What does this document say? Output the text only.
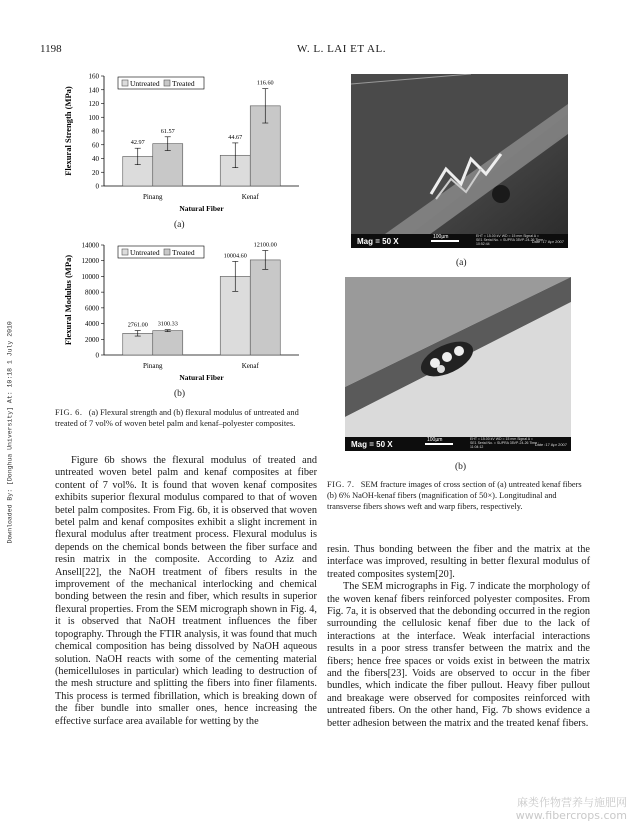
1198	W. L. LAI ET AL.
Downloaded By: [Donghua University] At: 10:18 1 July 2010
Flexural Strength (MPa)
0
20
40
60
80
100
120
140
160
Pinang
42.97
61.57
Kenaf
44.67
116.60
Natural Fiber
Untreated Treated
(a)
Flexural Modulus (MPa)
0
2000
4000
6000
8000
10000
12000
14000
Pinang
2761.00 3100.33
Kenaf
10004.60
12100.00
Natural Fiber
Untreated Treated
(b)
FIG. 6. (a) Flexural strength and (b) flexural modulus of untreated and treated of 7 vol% of woven betel palm and kenaf–polyester composites.
Mag = 50 X	100µm	EHT = 15.00 kV WD = 15 mm Signal A = SE1 Serial No. = SUPRA 35VP-24-26 Time : 10:52:44	Date :17 Apr 2007
(a)
Mag = 50 X	100µm	EHT = 15.00 kV WD = 15 mm Signal A = SE1 Serial No. = SUPRA 35VP-24-26 Time : 11:04:12	Date :17 Apr 2007
(b)
FIG. 7. SEM fracture images of cross section of (a) untreated kenaf fibers (b) 6% NaOH-kenaf fibers (magnification of 50×). Longitudinal and transverse fibers shows weft and warp fibers, respectively.

Figure 6b shows the flexural modulus of treated and untreated woven betel palm and kenaf composites at fiber content of 7 vol%. It is found that woven kenaf composites exhibits superior flexural modulus compared to that of woven betel palm composites. From Fig. 6b, it is observed that woven betel palm and kenaf composites exhibit a slight increment in flexural modulus after treatment process. Flexural modulus is depends on the chemical bonds between the fiber surface and resin matrix in the composite. According to Aziz and Ansell[22], the NaOH treatment of fibers results in the improvement of the mechanical interlocking and chemical bonding between the resin and fiber, which results in superior flexural properties. From the SEM micrograph shown in Fig. 4, it is observed that NaOH treatment influences the fiber topography. Through the FTIR analysis, it was found that much chemical composition has being dissolved by NaOH aqueous solution. NaOH reacts with some of the cementing material (hemicelluloses in particular) which leading to destruction of the mesh structure and splitting the fibers into finer filaments. This process is termed fibrillation, which is breaking down of the fiber bundle into smaller ones, hence increasing the effective surface area available for wetting by the

resin. Thus bonding between the fiber and the matrix at the interface was improved, resulting in better flexural modulus of treated composites system[20].

The SEM micrographs in Fig. 7 indicate the morphology of the woven kenaf fibers reinforced polyester composites. From Fig. 7a, it is observed that the debonding occurred in the region surrounding the cellulosic kenaf fiber due to the lack of interactions at the interface. Weak interfacial interactions results in a poor stress transfer between the matrix and the fibers; hence free spaces or voids exist in between the matrix and the fibers[23]. Voids are observed to occur in the fiber bundles, which indicate the fiber pullout. Heavy fiber pullout and breakage were observed for composites reinforced with untreated fibers. On the other hand, Fig. 7b shows evidence a better adhesion between the matrix and the treated kenaf fibers.

麻类作物营养与施肥网
www.fibercrops.com
